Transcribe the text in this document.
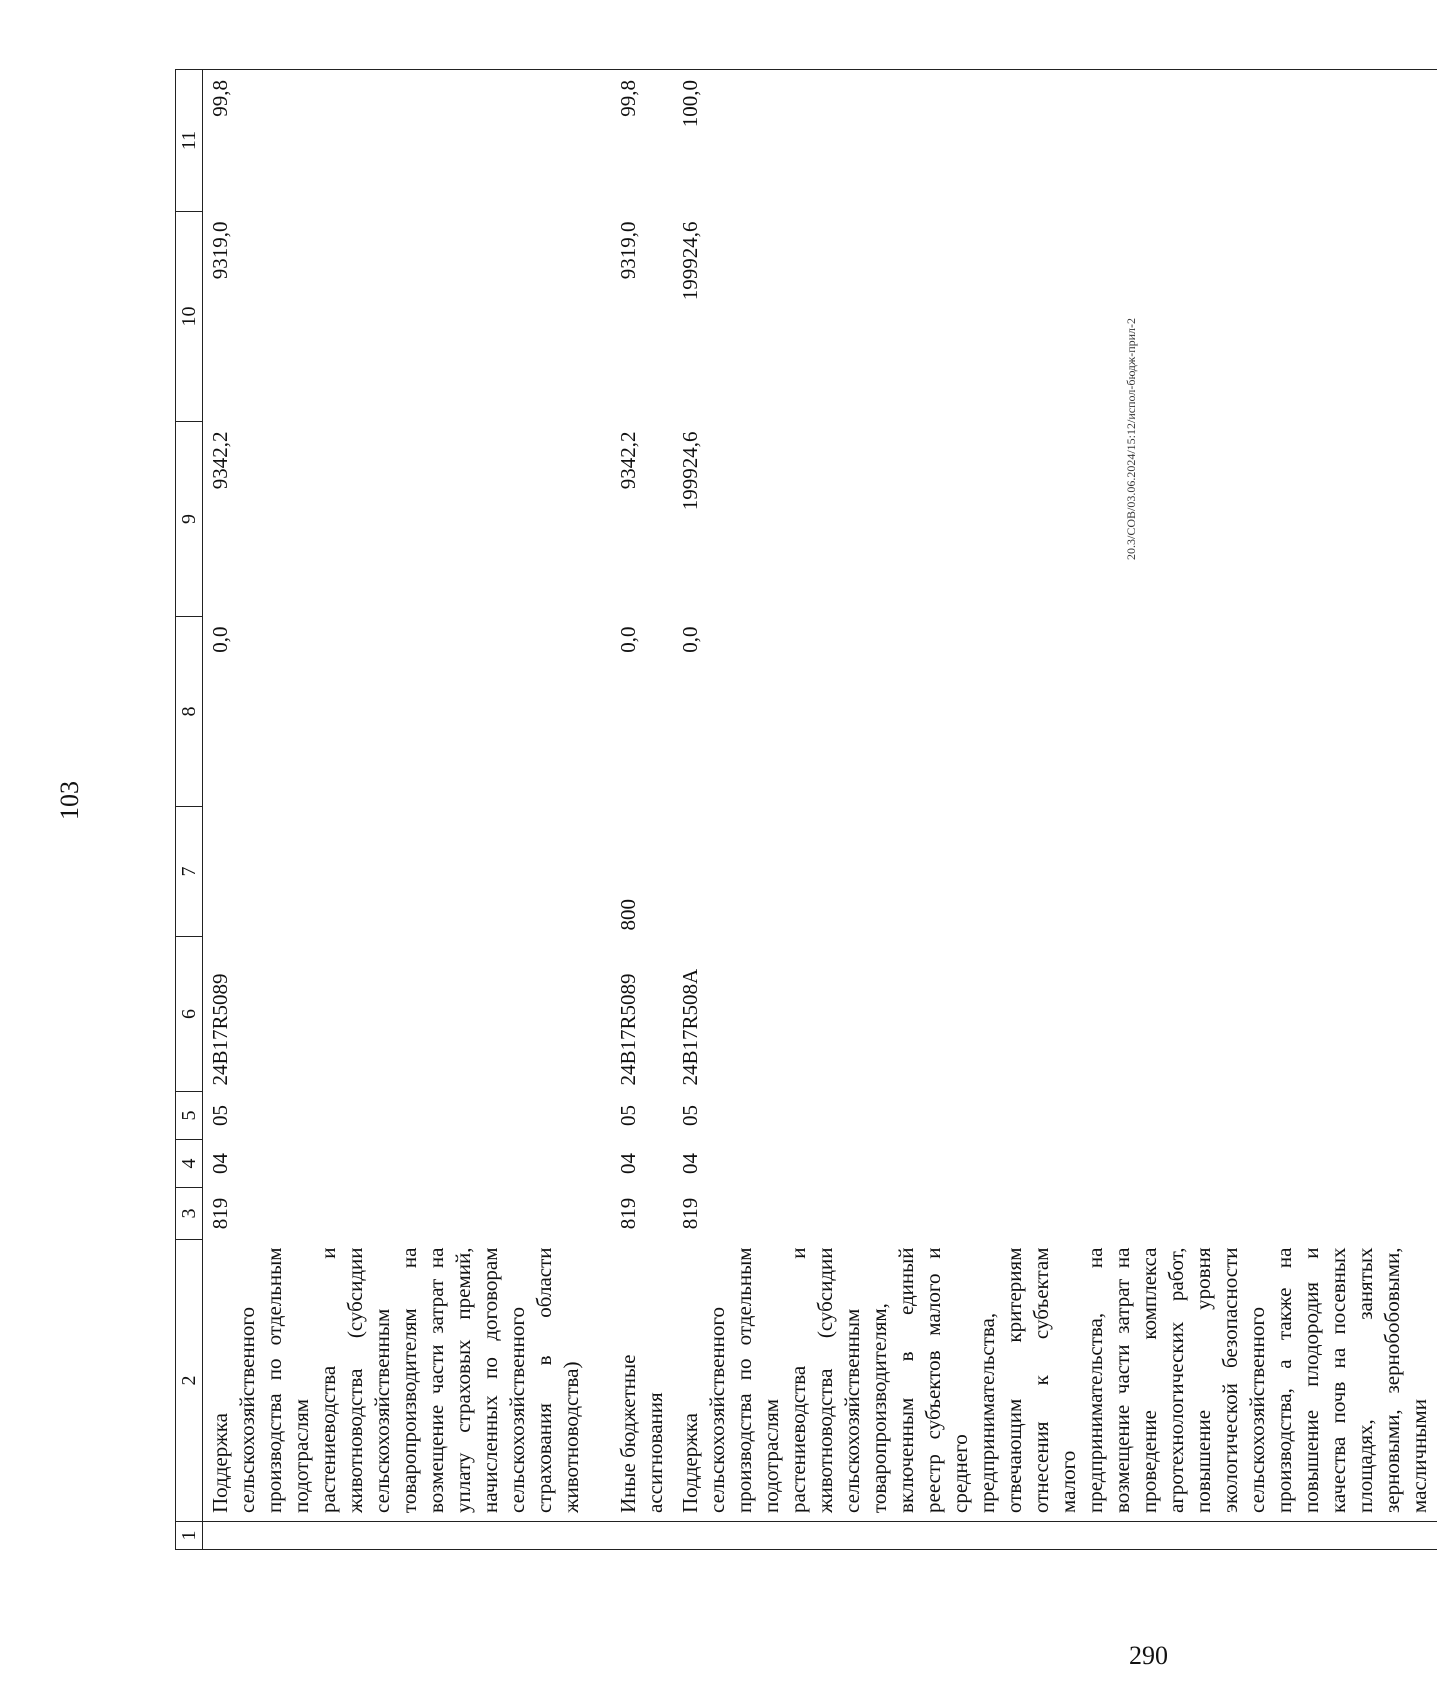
103
20.3/СОВ/03.06.2024/15:12/испол-бюдж-прил-2
290
1	2	3	4	5	6	7	8	9	10	11
	Поддержка сельскохозяйственного производства по отдельным подотраслям растениеводства и животноводства (субсидии сельскохозяйственным товаропроизводителям на возмещение части затрат на уплату страховых премий, начисленных по договорам сельскохозяйственного страхования в области животноводства)	819	04	05	24В17R5089		0,0	9342,2	9319,0	99,8

	Иные бюджетные ассигнования	819	04	05	24В17R5089	800	0,0	9342,2	9319,0	99,8
	Поддержка сельскохозяйственного производства по отдельным подотраслям растениеводства и животноводства (субсидии сельскохозяйственным товаропроизводителям, включенным в единый реестр субъектов малого и среднего предпринимательства, отвечающим критериям отнесения к субъектам малого предпринимательства, на возмещение части затрат на проведение комплекса агротехнологических работ, повышение уровня экологической безопасности сельскохозяйственного производства, а также на повышение плодородия и качества почв на посевных площадях, занятых зерновыми, зернобобовыми, масличными	819	04	05	24В17R508А		0,0	199924,6	199924,6	100,0
